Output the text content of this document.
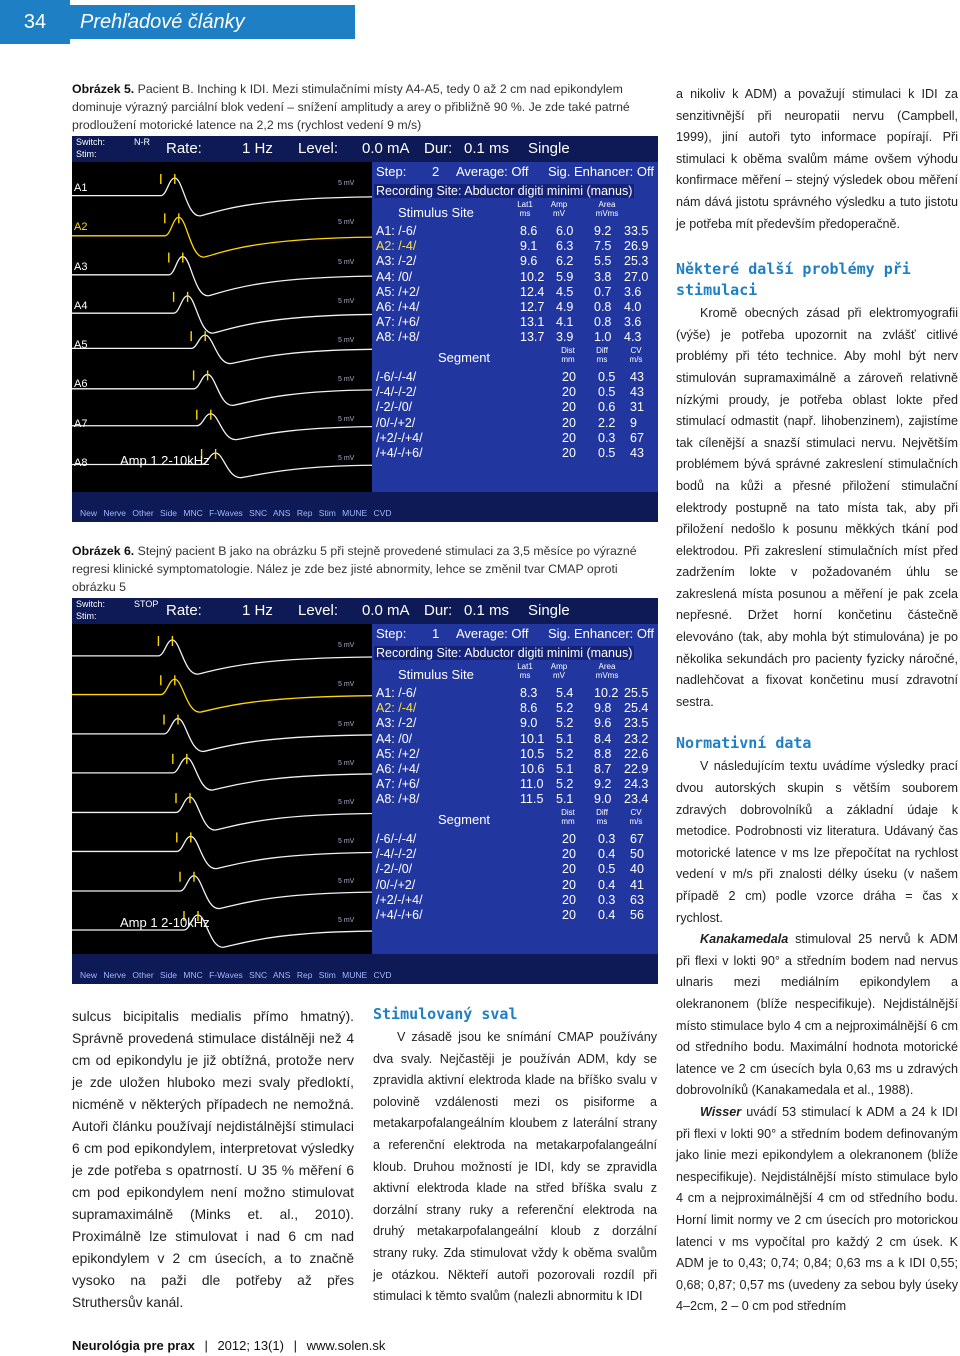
34	Prehľadové články
Obrázek 5. Pacient B. Inching k IDI. Mezi stimulačními místy A4-A5, tedy 0 až 2 cm nad epikondylem dominuje výrazný parciální blok vedení – snížení amplitudy a arey o přibližně 90 %. Je zde také patrné prodloužení motorické latence na 2,2 ms (rychlost vedení 9 m/s)
Switch:	N-R
Stim:	Rate:	1 Hz Level: 0.0 mA Dur: 0.1 ms Single
A1
A2
A3
A4
A5
A6
A7
A8
5 mV
5 mV
5 mV
5 mV
5 mV
5 mV
5 mV
5 mV
Amp 1 2-10kHz
Step: 2 Average: Off Sig. Enhancer: Off
Recording Site: Abductor digiti minimi (manus)
Stimulus Site
Lat1 ms
Amp mV
Area mVms
A1: /-6/	8.6 6.0 9.2 33.5
A2: /-4/	9.1 6.3 7.5 26.9
A3: /-2/	9.6 6.2 5.5 25.3
A4: /0/	10.2 5.9 3.8 27.0
A5: /+2/	12.4 4.5 0.7 3.6
A6: /+4/	12.7 4.9 0.8 4.0
A7: /+6/	13.1 4.1 0.8 3.6
A8: /+8/	13.7 3.9 1.0 4.3
Segment	Dist mm
Diff ms
CV m/s
/-6/-/-4/	20 0.5 43
/-4/-/-2/	20 0.5 43
/-2/-/0/	20 0.6 31
/0/-/+2/	20 2.2 9
/+2/-/+4/	20 0.3 67
/+4/-/+6/	20 0.5 43
New Nerve Other Side MNC F-Waves SNC ANS Rep Stim MUNE CVD
Obrázek 6. Stejný pacient B jako na obrázku 5 při stejně provedené stimulaci za 3,5 měsíce po výrazné regresi klinické symptomatologie. Nález je zde bez jisté abnormity, lehce se změnil tvar CMAP oproti obrázku 5
Switch:	STOP
Stim:	Rate:	1 Hz Level: 0.0 mA Dur: 0.1 ms Single
5 mV
5 mV
5 mV
5 mV
5 mV
5 mV
5 mV
5 mV
Amp 1 2-10kHz
Step: 1 Average: Off Sig. Enhancer: Off
Recording Site: Abductor digiti minimi (manus)
Stimulus Site
Lat1 ms
Amp mV
Area mVms
A1: /-6/	8.3 5.4 10.2 25.5
A2: /-4/	8.6 5.2 9.8 25.4
A3: /-2/	9.0 5.2 9.6 23.5
A4: /0/	10.1 5.1 8.4 23.2
A5: /+2/	10.5 5.2 8.8 22.6
A6: /+4/	10.6 5.1 8.7 22.9
A7: /+6/	11.0 5.2 9.2 24.3
A8: /+8/	11.5 5.1 9.0 23.4
Segment	Dist mm
Diff ms
CV m/s
/-6/-/-4/	20 0.3 67
/-4/-/-2/	20 0.4 50
/-2/-/0/	20 0.5 40
/0/-/+2/	20 0.4 41
/+2/-/+4/	20 0.3 63
/+4/-/+6/	20 0.4 56
New Nerve Other Side MNC F-Waves SNC ANS Rep Stim MUNE CVD

sulcus bicipitalis medialis přímo hmatný). Správně provedená stimulace distálněji než 4 cm od epikondylu je již obtížná, protože nerv je zde uložen hluboko mezi svaly předloktí, nicméně v některých případech ne nemožná. Autoři článku používají nejdistálnější stimulaci 6 cm pod epikondylem, interpretovat výsledky je zde potřeba s opatrností. U 35 % měření 6 cm pod epikondylem není možno stimulovat supramaximálně (Minks et. al., 2010). Proximálně lze stimulovat i nad 6 cm nad epikondylem v 2 cm úsecích, a to značně vysoko na paži dle potřeby až přes Struthersův kanál.

Stimulovaný sval
V zásadě jsou ke snímání CMAP používány dva svaly. Nejčastěji je používán ADM, kdy se zpravidla aktivní elektroda klade na bříško svalu v polovině vzdálenosti mezi os pisiforme a metakarpofalangeálním kloubem z laterální strany a referenční elektroda na metakarpofalangeální kloub. Druhou možností je IDI, kdy se zpravidla aktivní elektroda klade na střed bříška svalu z dorzální strany ruky a referenční elektroda na druhý metakarpofalangeální kloub z dorzální strany ruky. Zda stimulovat vždy k oběma svalům je otázkou. Někteří autoři pozorovali rozdíl při stimulaci k těmto svalům (nalezli abnormitu k IDI
a nikoliv k ADM) a považují stimulaci k IDI za senzitivnější při neuropatii nervu (Campbell, 1999), jiní autoři tyto informace popírají. Při stimulaci k oběma svalům máme ovšem výhodu konfirmace měření – stejný výsledek obou měření nám dává jistotu správného výsledku a tuto jistotu je potřeba mít především předoperačně.
Některé další problémy při stimulaci
Kromě obecných zásad při elektromyografii (výše) je potřeba upozornit na zvlášť citlivé problémy při této technice. Aby mohl být nerv stimulován supramaximálně a zároveň relativně nízkými proudy, je potřeba oblast lokte před stimulací odmastit (např. lihobenzinem), zajistíme tak cílenější a snazší stimulaci nervu. Největším problémem bývá správné zakreslení stimulačních bodů na kůži a přesné přiložení stimulační elektrody postupně na tato místa tak, aby při přiložení nedošlo k posunu měkkých tkání pod elektrodou. Při zakreslení stimulačních míst před zadržením lokte v požadovaném úhlu se zakreslená místa posunou a měření je pak zcela nepřesné. Držet horní končetinu částečně elevováno (tak, aby mohla být stimulována) je po několika sekundách pro pacienty fyzicky náročné, nadlehčovat a fixovat končetinu musí zdravotní sestra.
Normativní data
V následujícím textu uvádíme výsledky prací dvou autorských skupin s větším souborem zdravých dobrovolníků a základní údaje k metodice. Podrobnosti viz literatura. Udávaný čas motorické latence v ms lze přepočítat na rychlost vedení v m/s při znalosti délky úseku (v našem případě 2 cm) podle vzorce dráha = čas x rychlost.
Kanakamedala stimuloval 25 nervů k ADM při flexi v lokti 90° a středním bodem nad nervus ulnaris mezi mediálním epikondylem a olekranonem (blíže nespecifikuje). Nejdistálnější místo stimulace bylo 4 cm a nejproximálnější 6 cm od středního bodu. Maximální hodnota motorické latence ve 2 cm úsecích byla 0,63 ms u zdravých dobrovolníků (Kanakamedala et al., 1988).
Wisser uvádí 53 stimulací k ADM a 24 k IDI při flexi v lokti 90° a středním bodem definovaným jako linie mezi epikondylem a olekranonem (blíže nespecifikuje). Nejdistálnější místo stimulace bylo 4 cm a nejproximálnější 4 cm od středního bodu. Horní limit normy ve 2 cm úsecích pro motorickou latenci v ms vypočítal pro každý 2 cm úsek. K ADM je to 0,43; 0,74; 0,84; 0,63 ms a k IDI 0,55; 0,68; 0,87; 0,57 ms (uvedeny za sebou byly úseky 4–2cm, 2 – 0 cm pod středním
Neurológia pre prax | 2012; 13(1) | www.solen.sk
